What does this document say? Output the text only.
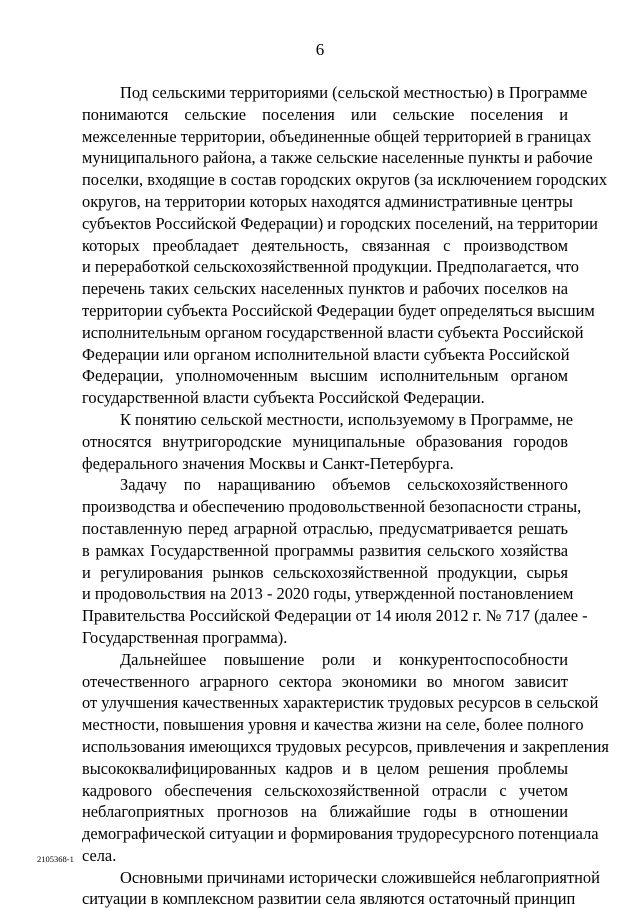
6
Под сельскими территориями (сельской местностью) в Программе
понимаются сельские поселения или сельские поселения и
межселенные территории, объединенные общей территорией в границах
муниципального района, а также сельские населенные пункты и рабочие
поселки, входящие в состав городских округов (за исключением городских
округов, на территории которых находятся административные центры
субъектов Российской Федерации) и городских поселений, на территории
которых преобладает деятельность, связанная с производством
и переработкой сельскохозяйственной продукции. Предполагается, что
перечень таких сельских населенных пунктов и рабочих поселков на
территории субъекта Российской Федерации будет определяться высшим
исполнительным органом государственной власти субъекта Российской
Федерации или органом исполнительной власти субъекта Российской
Федерации, уполномоченным высшим исполнительным органом
государственной власти субъекта Российской Федерации.
К понятию сельской местности, используемому в Программе, не
относятся внутригородские муниципальные образования городов
федерального значения Москвы и Санкт-Петербурга.
Задачу по наращиванию объемов сельскохозяйственного
производства и обеспечению продовольственной безопасности страны,
поставленную перед аграрной отраслью, предусматривается решать
в рамках Государственной программы развития сельского хозяйства
и регулирования рынков сельскохозяйственной продукции, сырья
и продовольствия на 2013 - 2020 годы, утвержденной постановлением
Правительства Российской Федерации от 14 июля 2012 г. № 717 (далее -
Государственная программа).
Дальнейшее повышение роли и конкурентоспособности
отечественного аграрного сектора экономики во многом зависит
от улучшения качественных характеристик трудовых ресурсов в сельской
местности, повышения уровня и качества жизни на селе, более полного
использования имеющихся трудовых ресурсов, привлечения и закрепления
высококвалифицированных кадров и в целом решения проблемы
кадрового обеспечения сельскохозяйственной отрасли с учетом
неблагоприятных прогнозов на ближайшие годы в отношении
демографической ситуации и формирования трудоресурсного потенциала
села.
Основными причинами исторически сложившейся неблагоприятной
ситуации в комплексном развитии села являются остаточный принцип
2105368-1
